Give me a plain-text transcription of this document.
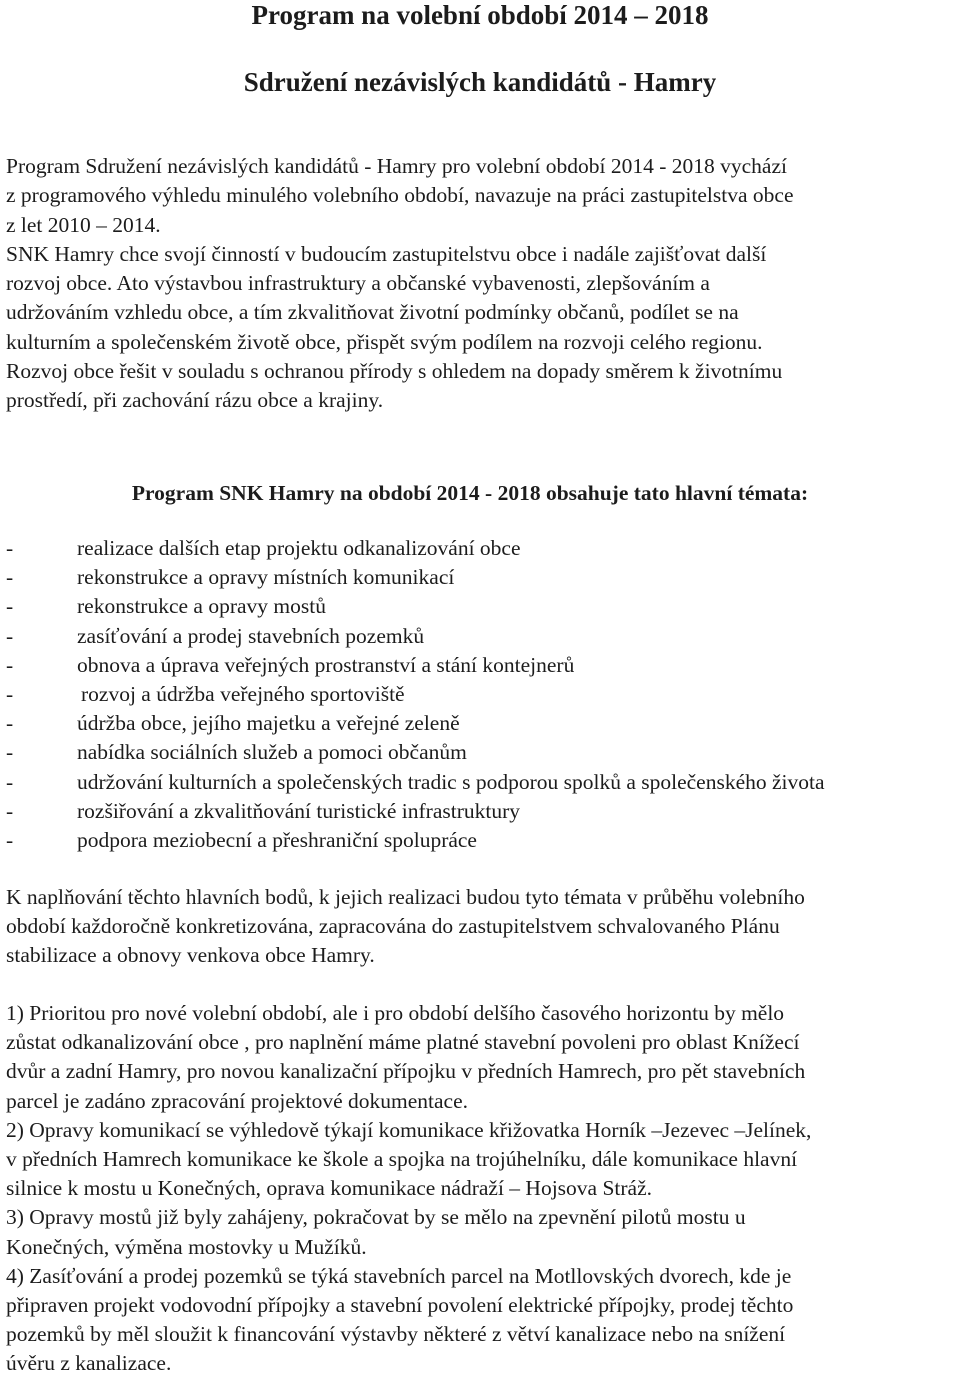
Program na volební období 2014 – 2018
Sdružení nezávislých kandidátů - Hamry

Program Sdružení nezávislých kandidátů - Hamry pro volební období 2014 - 2018 vychází
z programového výhledu minulého volebního období, navazuje na práci zastupitelstva obce
z let 2010 – 2014.
SNK Hamry chce svojí činností v budoucím zastupitelstvu obce i nadále zajišťovat další
rozvoj obce. Ato výstavbou infrastruktury a občanské vybavenosti, zlepšováním a
udržováním vzhledu obce, a tím zkvalitňovat životní podmínky občanů, podílet se na
kulturním a společenském životě obce, přispět svým podílem na rozvoji celého regionu.
Rozvoj obce řešit v souladu s ochranou přírody s ohledem na dopady směrem k životnímu
prostředí, při zachování rázu obce a krajiny.

Program SNK Hamry na období 2014 - 2018 obsahuje tato hlavní témata:
-	realizace dalších etap projektu odkanalizování obce
-	rekonstrukce a opravy místních komunikací
-	rekonstrukce a opravy mostů
-	zasíťování a prodej stavebních pozemků
-	obnova a úprava veřejných prostranství a stání kontejnerů
-	rozvoj a údržba veřejného sportoviště
-	údržba obce, jejího majetku a veřejné zeleně
-	nabídka sociálních služeb a pomoci občanům
-	udržování kulturních a společenských tradic s podporou spolků a společenského života
-	rozšiřování a zkvalitňování turistické infrastruktury
-	podpora meziobecní a přeshraniční spolupráce

K naplňování těchto hlavních bodů, k jejich realizaci budou tyto témata v průběhu volebního
období každoročně konkretizována, zapracována do zastupitelstvem schvalovaného Plánu
stabilizace a obnovy venkova obce Hamry.

1) Prioritou pro nové volební období, ale i pro období delšího časového horizontu by mělo
zůstat odkanalizování obce , pro naplnění máme platné stavební povoleni pro oblast Knížecí
dvůr a zadní Hamry, pro novou kanalizační přípojku v předních Hamrech, pro pět stavebních
parcel je zadáno zpracování projektové dokumentace.
2) Opravy komunikací se výhledově týkají komunikace křižovatka Horník –Jezevec –Jelínek,
v předních Hamrech komunikace ke škole a spojka na trojúhelníku, dále komunikace hlavní
silnice k mostu u Konečných, oprava komunikace nádraží – Hojsova Stráž.
3) Opravy mostů již byly zahájeny, pokračovat by se mělo na zpevnění pilotů mostu u
Konečných, výměna mostovky u Mužíků.
4) Zasíťování a prodej pozemků se týká stavebních parcel na Motllovských dvorech, kde je
připraven projekt vodovodní přípojky a stavební povolení elektrické přípojky, prodej těchto
pozemků by měl sloužit k financování výstavby některé z větví kanalizace nebo na snížení
úvěru z kanalizace.
